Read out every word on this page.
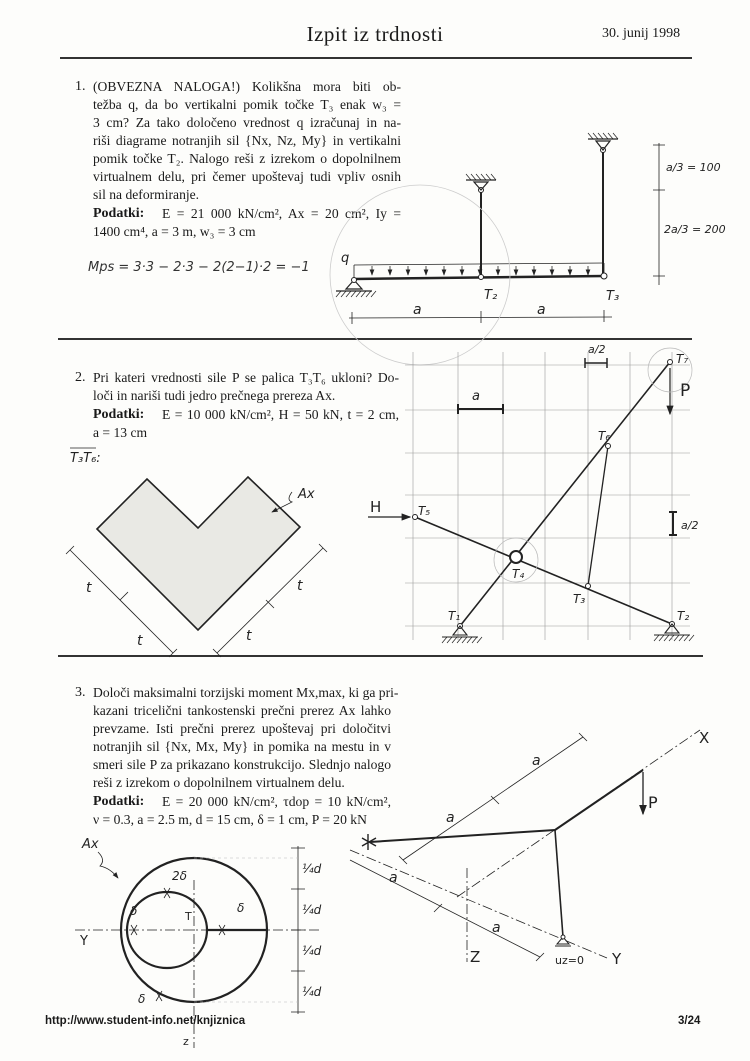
Izpit iz trdnosti	30. junij 1998
1. (OBVEZNA NALOGA!) Kolikšna mora biti ob-
težba q, da bo vertikalni pomik točke T₃ enak w₃ =
3 cm? Za tako določeno vrednost q izračunaj in na-
riši diagrame notranjih sil {Nx, Nz, My} in vertikalni
pomik točke T₂. Nalogo reši z izrekom o dopolnilnem
virtualnem delu, pri čemer upoštevaj tudi vpliv osnih
sil na deformiranje.
Podatki: E = 21 000 kN/cm², Ax = 20 cm², Iy =
1400 cm⁴, a = 3 m, w₃ = 3 cm
Mps = 3·3 − 2·3 − 2(2−1)·2 = −1
2. Pri kateri vrednosti sile P se palica T₃T₆ ukloni? Do-
loči in nariši tudi jedro prečnega prereza Ax.
Podatki: E = 10 000 kN/cm², H = 50 kN, t = 2 cm,
a = 13 cm
3. Določi maksimalni torzijski moment Mx,max, ki ga pri-
kazani tricelični tankostenski prečni prerez Ax lahko
prevzame. Isti prečni prerez upoštevaj pri določitvi
notranjih sil {Nx, Mx, My} in pomika na mestu in v
smeri sile P za prikazano konstrukcijo. Slednjo nalogo
reši z izrekom o dopolnilnem virtualnem delu.
Podatki: E = 20 000 kN/cm², τdop = 10 kN/cm²,
ν = 0.3, a = 2.5 m, d = 15 cm, δ = 1 cm, P = 20 kN
q
T₂	T₃
a	a
a/3 = 100
2a/3 = 200
T₃T₆:
Ax
t
t	t
t
T₇
T₆
T₅
T₄
T₃
T₁	T₂
H
P
a
a/2
a/2
Ax
2δ
δ	δ
δ
T
Y
z
¼d
¼d
¼d
¼d
a
a
a
a
P
X
Y
Z	uz=0
http://www.student-info.net/knjiznica	3/24
